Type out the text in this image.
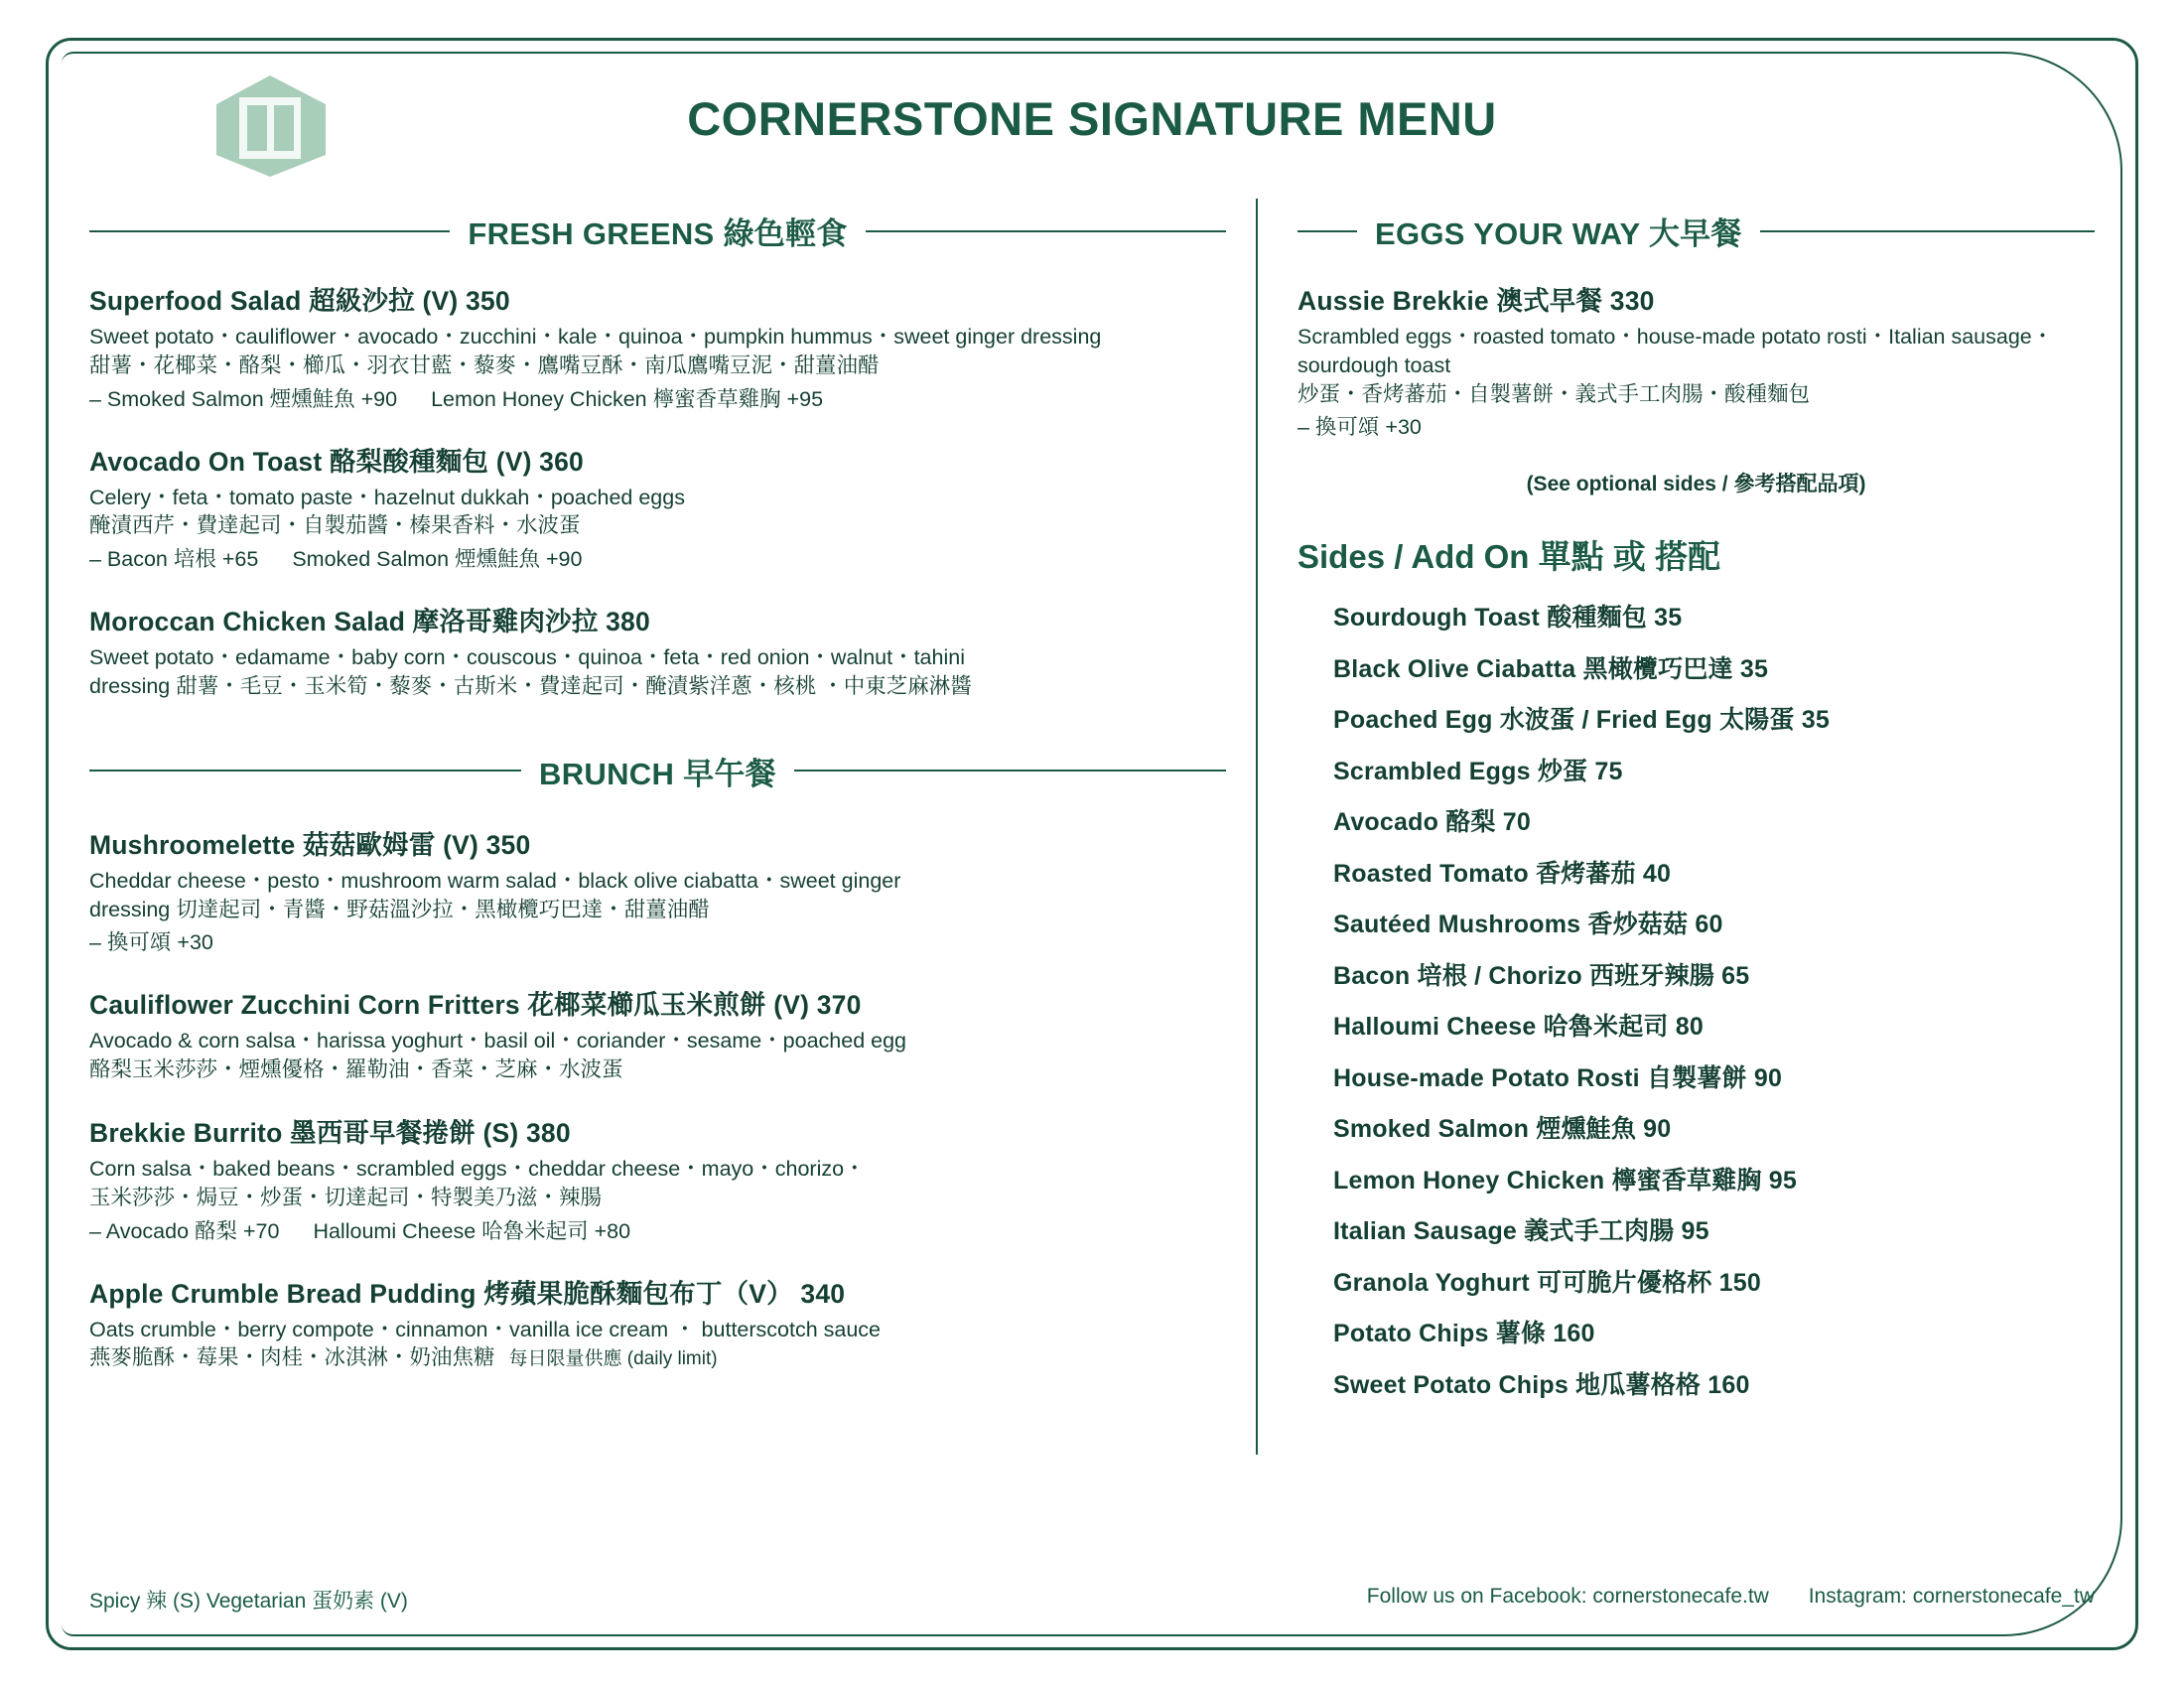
CORNERSTONE SIGNATURE MENU
FRESH GREENS 綠色輕食
Superfood Salad 超級沙拉 (V) 350
Sweet potato・cauliflower・avocado・zucchini・kale・quinoa・pumpkin hummus・sweet ginger dressing
甜薯・花椰菜・酪梨・櫛瓜・羽衣甘藍・藜麥・鷹嘴豆酥・南瓜鷹嘴豆泥・甜薑油醋
– Smoked Salmon 煙燻鮭魚 +90 Lemon Honey Chicken 檸蜜香草雞胸 +95
Avocado On Toast 酪梨酸種麵包 (V) 360
Celery・feta・tomato paste・hazelnut dukkah・poached eggs
醃漬西芹・費達起司・自製茄醬・榛果香料・水波蛋
– Bacon 培根 +65 Smoked Salmon 煙燻鮭魚 +90
Moroccan Chicken Salad 摩洛哥雞肉沙拉 380
Sweet potato・edamame・baby corn・couscous・quinoa・feta・red onion・walnut・tahini
dressing 甜薯・毛豆・玉米筍・藜麥・古斯米・費達起司・醃漬紫洋蔥・核桃 ・中東芝麻淋醬
BRUNCH 早午餐
Mushroomelette 菇菇歐姆雷 (V) 350
Cheddar cheese・pesto・mushroom warm salad・black olive ciabatta・sweet ginger
dressing 切達起司・青醬・野菇溫沙拉・黑橄欖巧巴達・甜薑油醋
– 換可頌 +30
Cauliflower Zucchini Corn Fritters 花椰菜櫛瓜玉米煎餅 (V) 370
Avocado & corn salsa・harissa yoghurt・basil oil・coriander・sesame・poached egg
酪梨玉米莎莎・煙燻優格・羅勒油・香菜・芝麻・水波蛋
Brekkie Burrito 墨西哥早餐捲餅 (S) 380
Corn salsa・baked beans・scrambled eggs・cheddar cheese・mayo・chorizo・
玉米莎莎・焗豆・炒蛋・切達起司・特製美乃滋・辣腸
– Avocado 酪梨 +70 Halloumi Cheese 哈魯米起司 +80
Apple Crumble Bread Pudding 烤蘋果脆酥麵包布丁（V） 340
Oats crumble・berry compote・cinnamon・vanilla ice cream ・ butterscotch sauce
燕麥脆酥・莓果・肉桂・冰淇淋・奶油焦糖 每日限量供應 (daily limit)
EGGS YOUR WAY 大早餐
Aussie Brekkie 澳式早餐 330
Scrambled eggs・roasted tomato・house-made potato rosti・Italian sausage・sourdough toast
炒蛋・香烤蕃茄・自製薯餅・義式手工肉腸・酸種麵包
– 換可頌 +30
(See optional sides / 參考搭配品項)
Sides / Add On 單點 或 搭配
Sourdough Toast 酸種麵包 35
Black Olive Ciabatta 黑橄欖巧巴達 35
Poached Egg 水波蛋 / Fried Egg 太陽蛋 35
Scrambled Eggs 炒蛋 75
Avocado 酪梨 70
Roasted Tomato 香烤蕃茄 40
Sautéed Mushrooms 香炒菇菇 60
Bacon 培根 / Chorizo 西班牙辣腸 65
Halloumi Cheese 哈魯米起司 80
House-made Potato Rosti 自製薯餅 90
Smoked Salmon 煙燻鮭魚 90
Lemon Honey Chicken 檸蜜香草雞胸 95
Italian Sausage 義式手工肉腸 95
Granola Yoghurt 可可脆片優格杯 150
Potato Chips 薯條 160
Sweet Potato Chips 地瓜薯格格 160
Spicy 辣 (S) Vegetarian 蛋奶素 (V)	Follow us on Facebook: cornerstonecafe.tw Instagram: cornerstonecafe_tw
